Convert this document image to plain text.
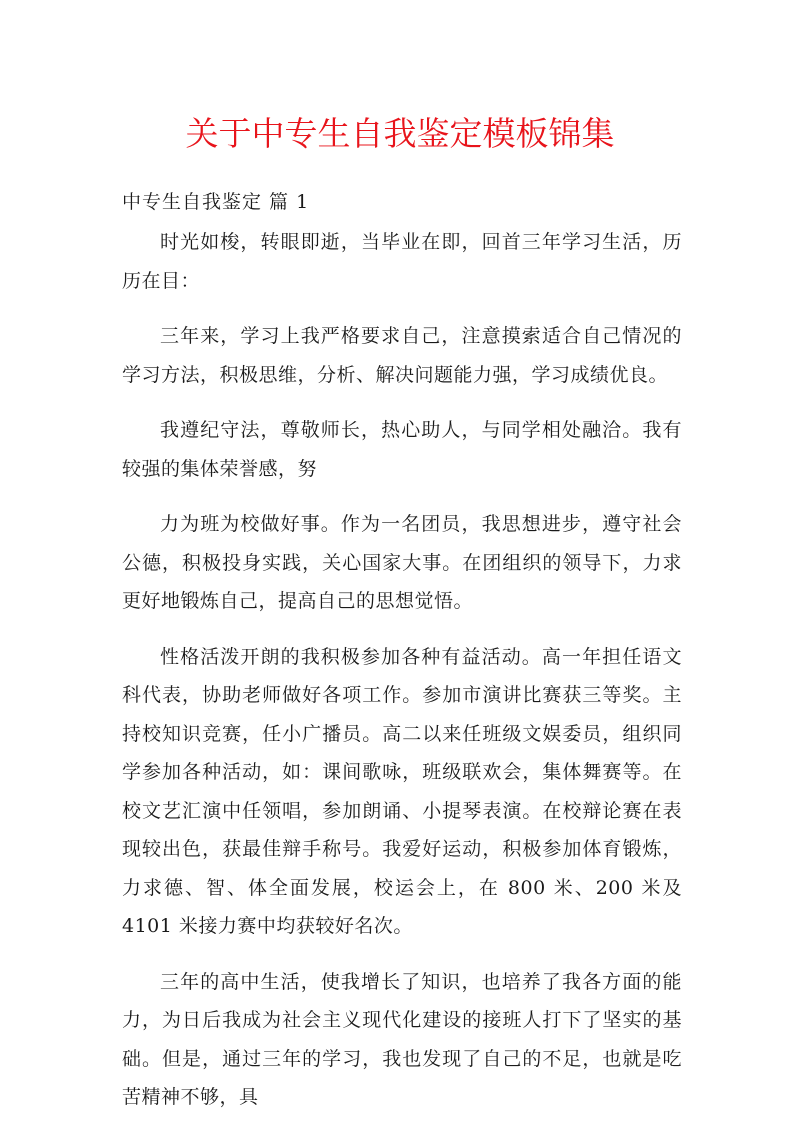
关于中专生自我鉴定模板锦集
中专生自我鉴定 篇 1

时光如梭，转眼即逝，当毕业在即，回首三年学习生活，历历在目：

三年来，学习上我严格要求自己，注意摸索适合自己情况的学习方法，积极思维，分析、解决问题能力强，学习成绩优良。

我遵纪守法，尊敬师长，热心助人，与同学相处融洽。我有较强的集体荣誉感，努

力为班为校做好事。作为一名团员，我思想进步，遵守社会公德，积极投身实践，关心国家大事。在团组织的领导下，力求更好地锻炼自己，提高自己的思想觉悟。

性格活泼开朗的我积极参加各种有益活动。高一年担任语文科代表，协助老师做好各项工作。参加市演讲比赛获三等奖。主持校知识竞赛，任小广播员。高二以来任班级文娱委员，组织同学参加各种活动，如：课间歌咏，班级联欢会，集体舞赛等。在校文艺汇演中任领唱，参加朗诵、小提琴表演。在校辩论赛在表现较出色，获最佳辩手称号。我爱好运动，积极参加体育锻炼，力求德、智、体全面发展，校运会上，在 800 米、200 米及 4101 米接力赛中均获较好名次。

三年的高中生活，使我增长了知识，也培养了我各方面的能力，为日后我成为社会主义现代化建设的接班人打下了坚实的基础。但是，通过三年的学习，我也发现了自己的不足，也就是吃苦精神不够，具
